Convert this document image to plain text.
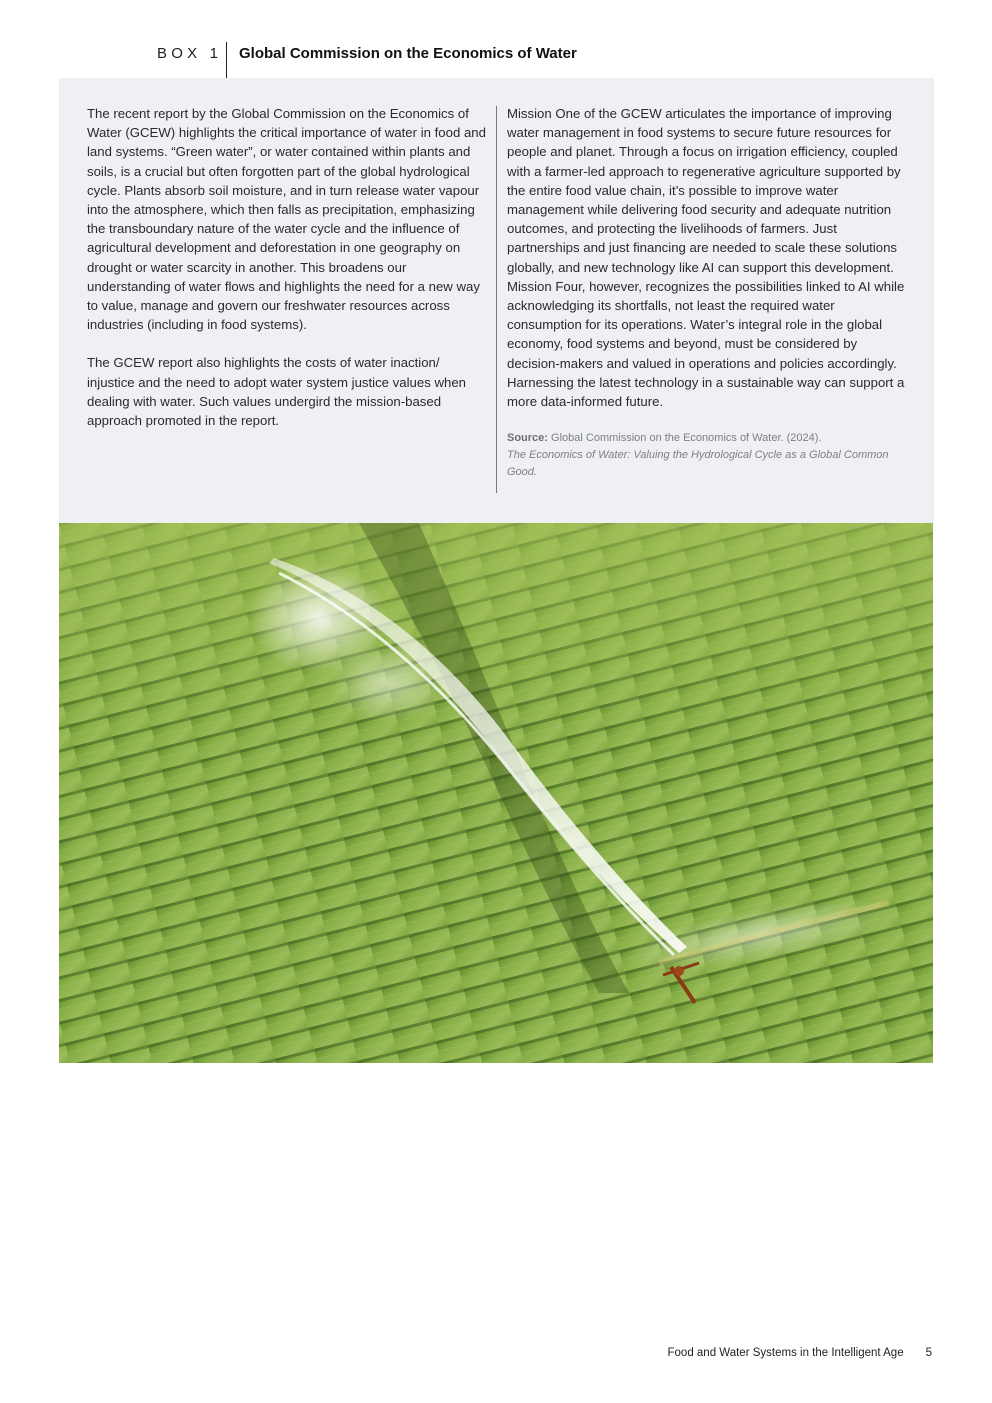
BOX 1 Global Commission on the Economics of Water

The recent report by the Global Commission on the Economics of Water (GCEW) highlights the critical importance of water in food and land systems. “Green water”, or water contained within plants and soils, is a crucial but often forgotten part of the global hydrological cycle. Plants absorb soil moisture, and in turn release water vapour into the atmosphere, which then falls as precipitation, emphasizing the transboundary nature of the water cycle and the influence of agricultural development and deforestation in one geography on drought or water scarcity in another. This broadens our understanding of water flows and highlights the need for a new way to value, manage and govern our freshwater resources across industries (including in food systems).

The GCEW report also highlights the costs of water inaction/ injustice and the need to adopt water system justice values when dealing with water. Such values undergird the mission-based approach promoted in the report.

Mission One of the GCEW articulates the importance of improving water management in food systems to secure future resources for people and planet. Through a focus on irrigation efficiency, coupled with a farmer-led approach to regenerative agriculture supported by the entire food value chain, it’s possible to improve water management while delivering food security and adequate nutrition outcomes, and protecting the livelihoods of farmers. Just partnerships and just financing are needed to scale these solutions globally, and new technology like AI can support this development. Mission Four, however, recognizes the possibilities linked to AI while acknowledging its shortfalls, not least the required water consumption for its operations. Water’s integral role in the global economy, food systems and beyond, must be considered by decision-makers and valued in operations and policies accordingly. Harnessing the latest technology in a sustainable way can support a more data-informed future.

Source: Global Commission on the Economics of Water. (2024).
The Economics of Water: Valuing the Hydrological Cycle as a Global Common Good.
Food and Water Systems in the Intelligent Age 5
